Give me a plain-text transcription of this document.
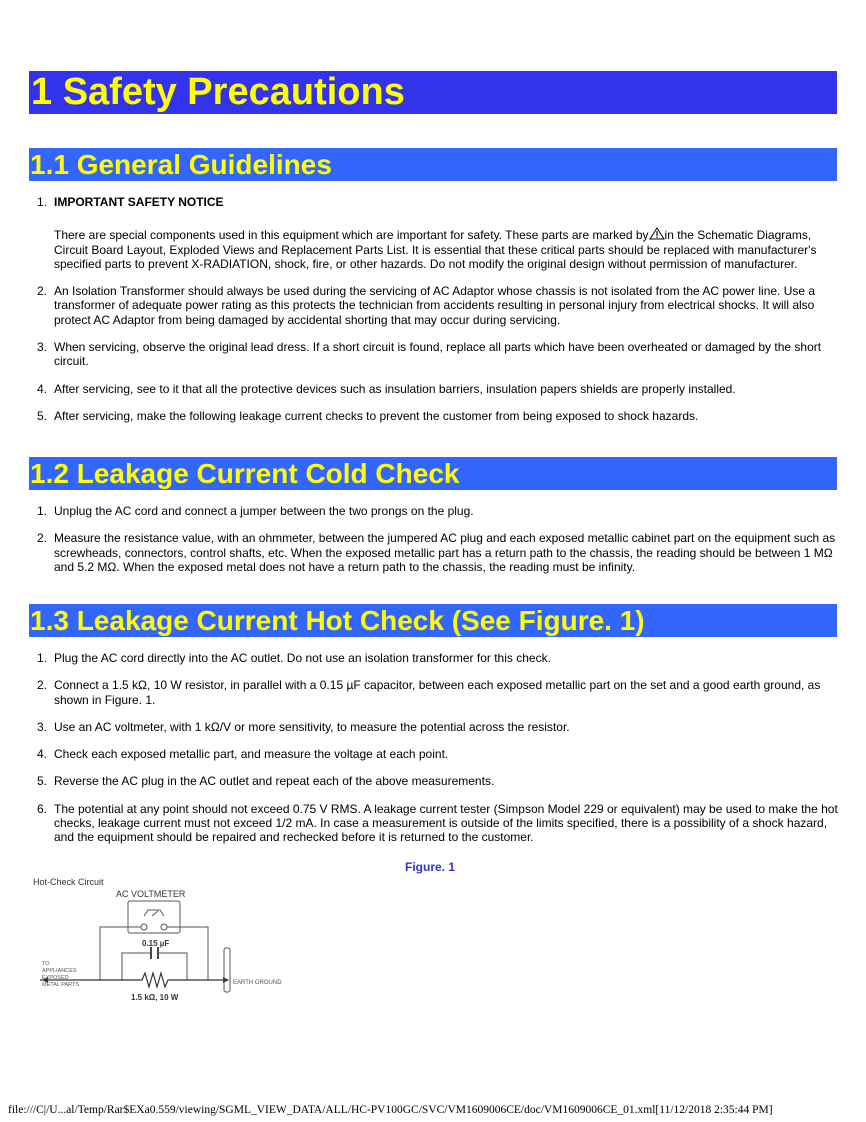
1 Safety Precautions
1.1 General Guidelines
1. IMPORTANT SAFETY NOTICE
There are special components used in this equipment which are important for safety. These parts are marked by in the Schematic Diagrams, Circuit Board Layout, Exploded Views and Replacement Parts List. It is essential that these critical parts should be replaced with manufacturer's specified parts to prevent X-RADIATION, shock, fire, or other hazards. Do not modify the original design without permission of manufacturer.
2. An Isolation Transformer should always be used during the servicing of AC Adaptor whose chassis is not isolated from the AC power line. Use a transformer of adequate power rating as this protects the technician from accidents resulting in personal injury from electrical shocks. It will also protect AC Adaptor from being damaged by accidental shorting that may occur during servicing.
3. When servicing, observe the original lead dress. If a short circuit is found, replace all parts which have been overheated or damaged by the short circuit.
4. After servicing, see to it that all the protective devices such as insulation barriers, insulation papers shields are properly installed.
5. After servicing, make the following leakage current checks to prevent the customer from being exposed to shock hazards.
1.2 Leakage Current Cold Check
1. Unplug the AC cord and connect a jumper between the two prongs on the plug.
2. Measure the resistance value, with an ohmmeter, between the jumpered AC plug and each exposed metallic cabinet part on the equipment such as screwheads, connectors, control shafts, etc. When the exposed metallic part has a return path to the chassis, the reading should be between 1 MΩ and 5.2 MΩ. When the exposed metal does not have a return path to the chassis, the reading must be infinity.
1.3 Leakage Current Hot Check (See Figure. 1)
1. Plug the AC cord directly into the AC outlet. Do not use an isolation transformer for this check.
2. Connect a 1.5 kΩ, 10 W resistor, in parallel with a 0.15 µF capacitor, between each exposed metallic part on the set and a good earth ground, as shown in Figure. 1.
3. Use an AC voltmeter, with 1 kΩ/V or more sensitivity, to measure the potential across the resistor.
4. Check each exposed metallic part, and measure the voltage at each point.
5. Reverse the AC plug in the AC outlet and repeat each of the above measurements.
6. The potential at any point should not exceed 0.75 V RMS. A leakage current tester (Simpson Model 229 or equivalent) may be used to make the hot checks, leakage current must not exceed 1/2 mA. In case a measurement is outside of the limits specified, there is a possibility of a shock hazard, and the equipment should be repaired and rechecked before it is returned to the customer.
Figure. 1
Hot-Check Circuit
AC VOLTMETER
0.15 µF
1.5 kΩ, 10 W
EARTH GROUND
TO
APPLIANCES
EXPOSED
METAL PARTS
file:///C|/U...al/Temp/Rar$EXa0.559/viewing/SGML_VIEW_DATA/ALL/HC-PV100GC/SVC/VM1609006CE/doc/VM1609006CE_01.xml[11/12/2018 2:35:44 PM]
